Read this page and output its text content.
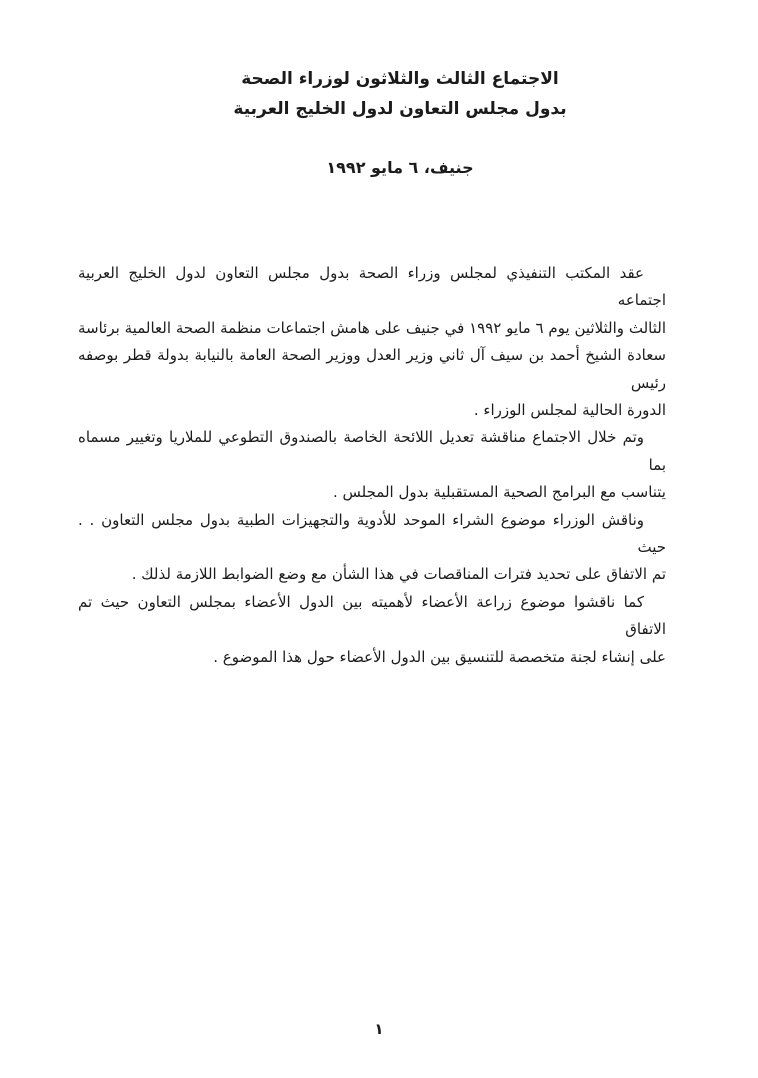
الاجتماع الثالث والثلاثون لوزراء الصحة
بدول مجلس التعاون لدول الخليج العربية
جنيف، ٦ مايو ١٩٩٢
عقد المكتب التنفيذي لمجلس وزراء الصحة بدول مجلس التعاون لدول الخليج العربية اجتماعه
الثالث والثلاثين يوم ٦ مايو ١٩٩٢ في جنيف على هامش اجتماعات منظمة الصحة العالمية برئاسة
سعادة الشيخ أحمد بن سيف آل ثاني وزير العدل ووزير الصحة العامة بالنيابة بدولة قطر بوصفه رئيس
الدورة الحالية لمجلس الوزراء .
وتم خلال الاجتماع مناقشة تعديل اللائحة الخاصة بالصندوق التطوعي للملاريا وتغيير مسماه بما
يتناسب مع البرامج الصحية المستقبلية بدول المجلس .
وناقش الوزراء موضوع الشراء الموحد للأدوية والتجهيزات الطبية بدول مجلس التعاون . . حيث
تم الاتفاق على تحديد فترات المناقصات في هذا الشأن مع وضع الضوابط اللازمة لذلك .
كما ناقشوا موضوع زراعة الأعضاء لأهميته بين الدول الأعضاء بمجلس التعاون حيث تم الاتفاق
على إنشاء لجنة متخصصة للتنسيق بين الدول الأعضاء حول هذا الموضوع .
١
